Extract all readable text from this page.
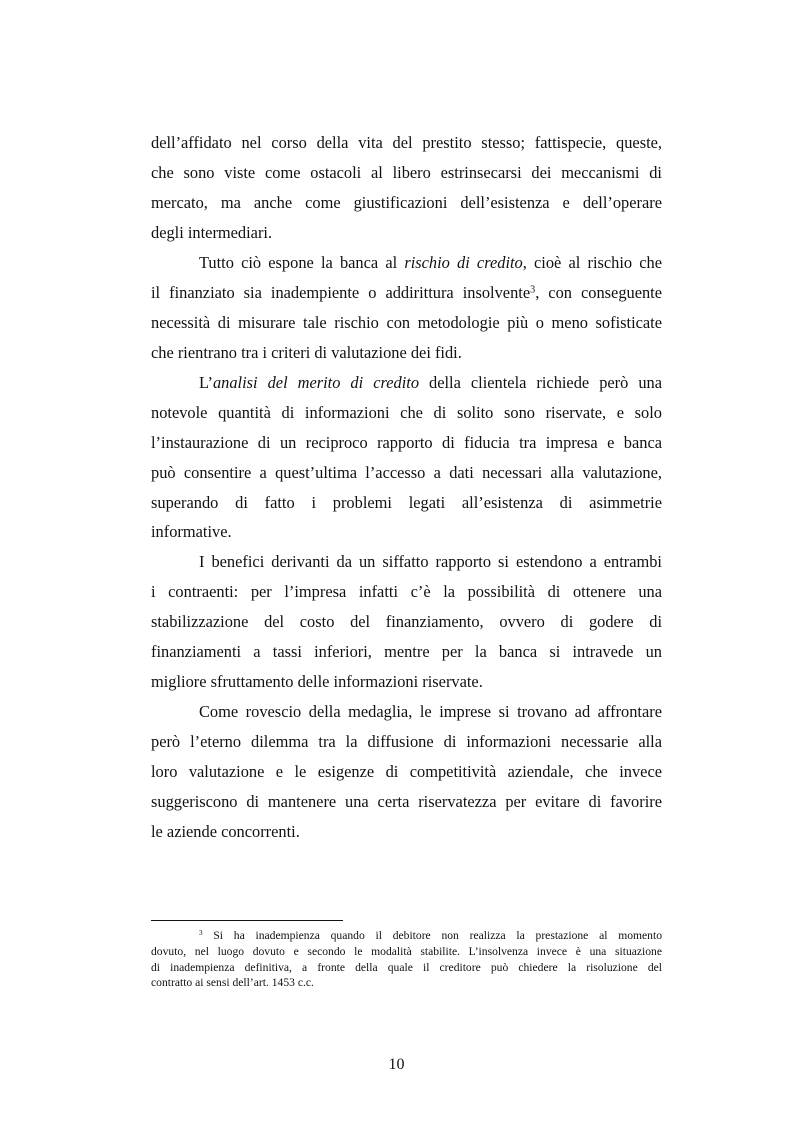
dell’affidato nel corso della vita del prestito stesso; fattispecie, queste,
che sono viste come ostacoli al libero estrinsecarsi dei meccanismi di
mercato, ma anche come giustificazioni dell’esistenza e dell’operare
degli intermediari.
Tutto ciò espone la banca al rischio di credito, cioè al rischio che
il finanziato sia inadempiente o addirittura insolvente$^3$, con conseguente
necessità di misurare tale rischio con metodologie più o meno sofisticate
che rientrano tra i criteri di valutazione dei fidi.
L’analisi del merito di credito della clientela richiede però una
notevole quantità di informazioni che di solito sono riservate, e solo
l’instaurazione di un reciproco rapporto di fiducia tra impresa e banca
può consentire a quest’ultima l’accesso a dati necessari alla valutazione,
superando di fatto i problemi legati all’esistenza di asimmetrie
informative.
I benefici derivanti da un siffatto rapporto si estendono a entrambi
i contraenti: per l’impresa infatti c’è la possibilità di ottenere una
stabilizzazione del costo del finanziamento, ovvero di godere di
finanziamenti a tassi inferiori, mentre per la banca si intravede un
migliore sfruttamento delle informazioni riservate.
Come rovescio della medaglia, le imprese si trovano ad affrontare
però l’eterno dilemma tra la diffusione di informazioni necessarie alla
loro valutazione e le esigenze di competitività aziendale, che invece
suggeriscono di mantenere una certa riservatezza per evitare di favorire
le aziende concorrenti.
$^3$ Si ha inadempienza quando il debitore non realizza la prestazione al momento
dovuto, nel luogo dovuto e secondo le modalità stabilite. L’insolvenza invece è una situazione
di inadempienza definitiva, a fronte della quale il creditore può chiedere la risoluzione del
contratto ai sensi dell’art. 1453 c.c.
10
